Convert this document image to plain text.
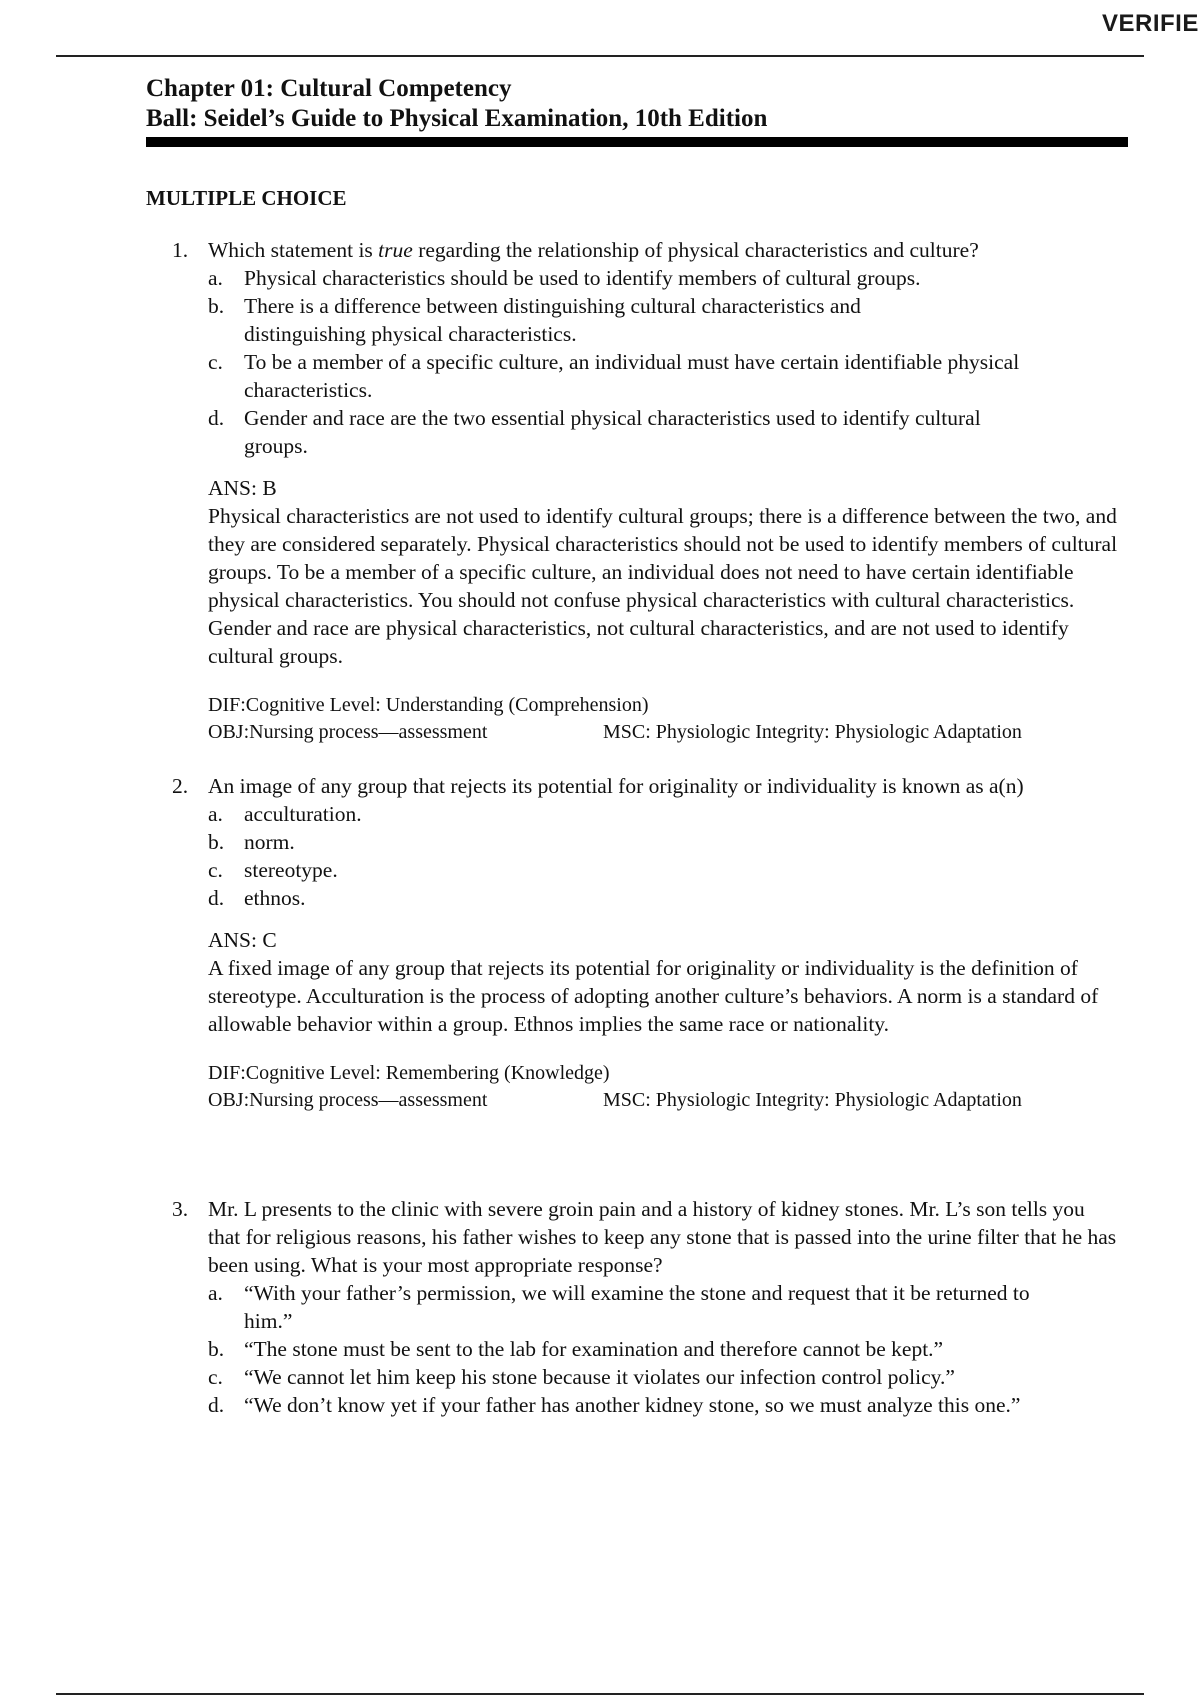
VERIFIE
Chapter 01: Cultural Competency
Ball: Seidel’s Guide to Physical Examination, 10th Edition
MULTIPLE CHOICE
1. Which statement is true regarding the relationship of physical characteristics and culture?
a. Physical characteristics should be used to identify members of cultural groups.
b. There is a difference between distinguishing cultural characteristics and distinguishing physical characteristics.
c. To be a member of a specific culture, an individual must have certain identifiable physical characteristics.
d. Gender and race are the two essential physical characteristics used to identify cultural groups.
ANS: B
Physical characteristics are not used to identify cultural groups; there is a difference between the two, and they are considered separately. Physical characteristics should not be used to identify members of cultural groups. To be a member of a specific culture, an individual does not need to have certain identifiable physical characteristics. You should not confuse physical characteristics with cultural characteristics. Gender and race are physical characteristics, not cultural characteristics, and are not used to identify cultural groups.
DIF:Cognitive Level: Understanding (Comprehension)
OBJ:Nursing process—assessment	MSC: Physiologic Integrity: Physiologic Adaptation
2. An image of any group that rejects its potential for originality or individuality is known as a(n)
a. acculturation.
b. norm.
c. stereotype.
d. ethnos.
ANS: C
A fixed image of any group that rejects its potential for originality or individuality is the definition of stereotype. Acculturation is the process of adopting another culture’s behaviors. A norm is a standard of allowable behavior within a group. Ethnos implies the same race or nationality.
DIF:Cognitive Level: Remembering (Knowledge)
OBJ:Nursing process—assessment	MSC: Physiologic Integrity: Physiologic Adaptation
3. Mr. L presents to the clinic with severe groin pain and a history of kidney stones. Mr. L’s son tells you that for religious reasons, his father wishes to keep any stone that is passed into the urine filter that he has been using. What is your most appropriate response?
a. “With your father’s permission, we will examine the stone and request that it be returned to him.”
b. “The stone must be sent to the lab for examination and therefore cannot be kept.”
c. “We cannot let him keep his stone because it violates our infection control policy.”
d. “We don’t know yet if your father has another kidney stone, so we must analyze this one.”
